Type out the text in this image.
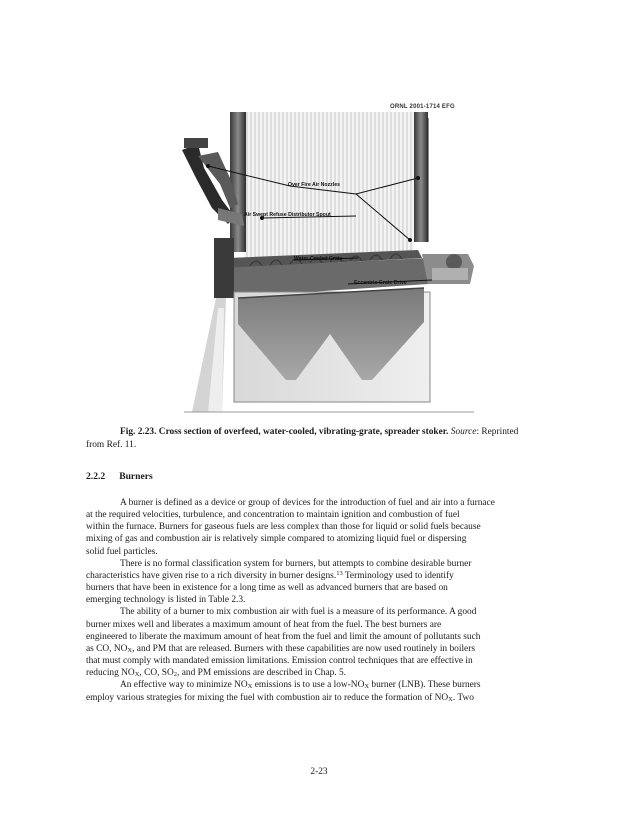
ORNL 2001-1714 EFG
Over Fire Air Nozzles
Air Swept Refuse Distributor Spout
Water-Cooled Grate
Eccentric Grate Drive
Fig. 2.23. Cross section of overfeed, water-cooled, vibrating-grate, spreader stoker. Source: Reprinted
from Ref. 11.
2.2.2 Burners

A burner is defined as a device or group of devices for the introduction of fuel and air into a furnace

at the required velocities, turbulence, and concentration to maintain ignition and combustion of fuel

within the furnace. Burners for gaseous fuels are less complex than those for liquid or solid fuels because

mixing of gas and combustion air is relatively simple compared to atomizing liquid fuel or dispersing

solid fuel particles.

There is no formal classification system for burners, but attempts to combine desirable burner

characteristics have given rise to a rich diversity in burner designs.$^{13}$ Terminology used to identify

burners that have been in existence for a long time as well as advanced burners that are based on

emerging technology is listed in Table 2.3.

The ability of a burner to mix combustion air with fuel is a measure of its performance. A good

burner mixes well and liberates a maximum amount of heat from the fuel. The best burners are

engineered to liberate the maximum amount of heat from the fuel and limit the amount of pollutants such

as CO, $NO_X$, and PM that are released. Burners with these capabilities are now used routinely in boilers

that must comply with mandated emission limitations. Emission control techniques that are effective in

reducing $NO_X$, CO, $SO_2$, and PM emissions are described in Chap. 5.

An effective way to minimize $NO_X$ emissions is to use a low-$NO_X$ burner (LNB). These burners

employ various strategies for mixing the fuel with combustion air to reduce the formation of $NO_X$. Two

2-23
